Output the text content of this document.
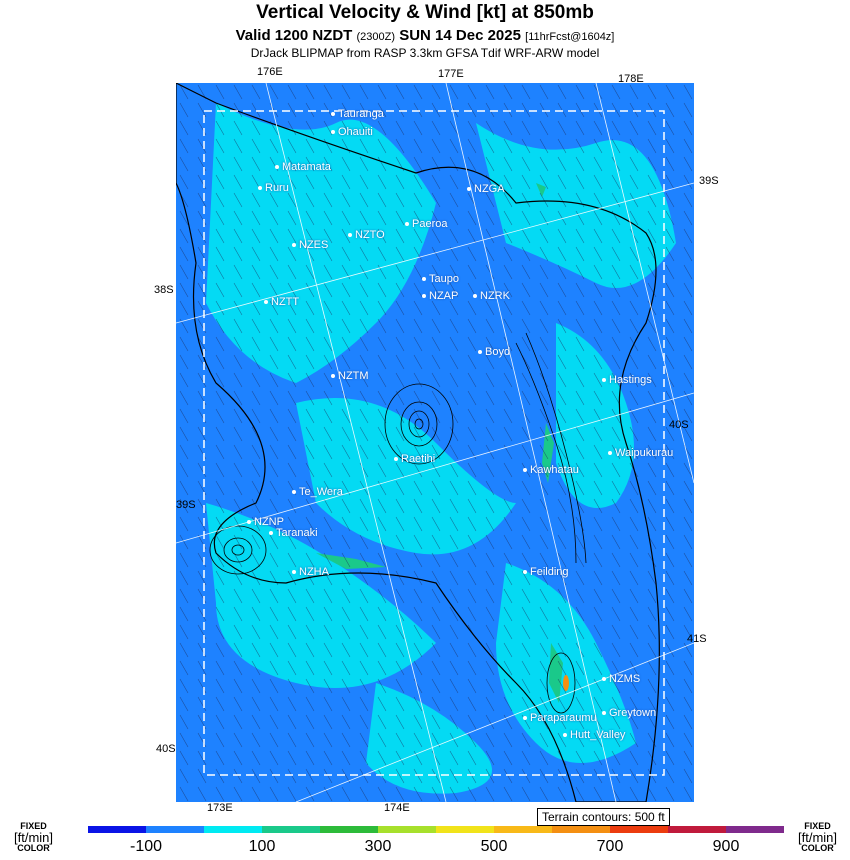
Vertical Velocity & Wind [kt] at 850mb
Valid 1200 NZDT (2300Z) SUN 14 Dec 2025 [11hrFcst@1604z]
DrJack BLIPMAP from RASP 3.3km GFSA Tdif WRF-ARW model
176E	177E	178E
173E	174E
39S
38S
40S
39S
41S
40S
Tauranga
Ohauiti
Matamata
Ruru	NZGA
Paeroa
NZTO
NZES
Taupo
NZAP	NZRK
NZTT
Boyd
NZTM	Hastings
Raetihi	Waipukurau
Kawhatau
Te_Wera
NZNP
Taranaki
NZHA	Feilding
NZMS
Greytown
Paraparaumu
Hutt_Valley
Terrain contours: 500 ft
FIXED
[ft/min]
COLOR
FIXED
[ft/min]
COLOR
-100	100	300	500	700	900
